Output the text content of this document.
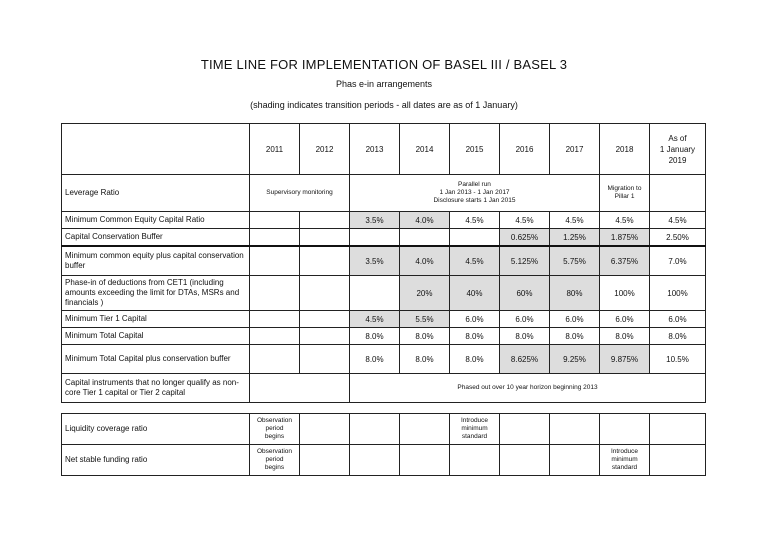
TIME LINE FOR IMPLEMENTATION OF BASEL III / BASEL 3
Phas e-in arrangements
(shading indicates transition periods - all dates are as of 1 January)
	2011	2012	2013	2014	2015	2016	2017	2018	As of
1 January
2019
Leverage Ratio	Supervisory monitoring		Parallel run
1 Jan 2013 - 1 Jan 2017
Disclosure starts 1 Jan 2015					Migration to
Pillar 1	
Minimum Common Equity Capital Ratio			3.5%	4.0%	4.5%	4.5%	4.5%	4.5%	4.5%
Capital Conservation Buffer						0.625%	1.25%	1.875%	2.50%
Minimum common equity plus capital conservation buffer			3.5%	4.0%	4.5%	5.125%	5.75%	6.375%	7.0%
Phase-in of deductions from CET1 (including amounts exceeding the limit for DTAs, MSRs and financials )				20%	40%	60%	80%	100%	100%
Minimum Tier 1 Capital			4.5%	5.5%	6.0%	6.0%	6.0%	6.0%	6.0%
Minimum Total Capital			8.0%	8.0%	8.0%	8.0%	8.0%	8.0%	8.0%
Minimum Total Capital plus conservation buffer			8.0%	8.0%	8.0%	8.625%	9.25%	9.875%	10.5%
Capital instruments that no longer qualify as non-core Tier 1 capital or Tier 2 capital			Phased out over 10 year horizon beginning 2013						

Liquidity coverage ratio	Observation
period
begins				Introduce
minimum
standard				
Net stable funding ratio	Observation
period
begins							Introduce
minimum
standard	
